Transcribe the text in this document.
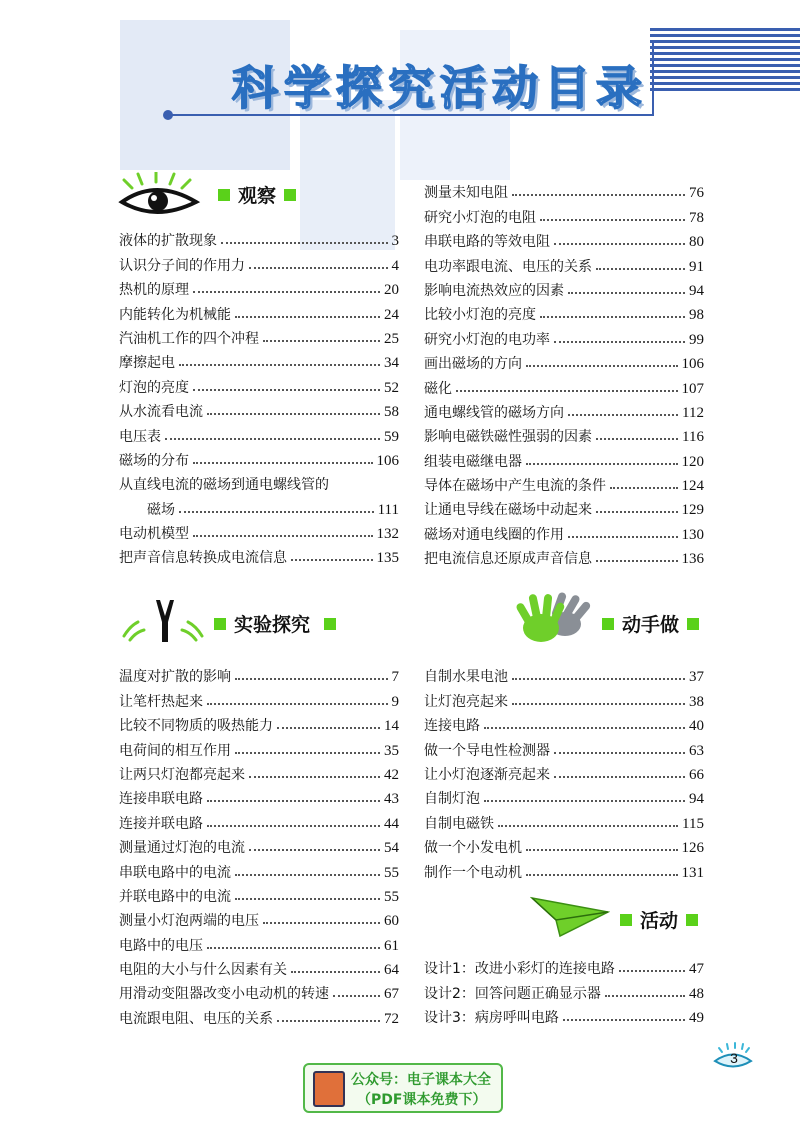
科学探究活动目录
观察
液体的扩散现象	3
认识分子间的作用力	4
热机的原理	20
内能转化为机械能	24
汽油机工作的四个冲程	25
摩擦起电	34
灯泡的亮度	52
从水流看电流	58
电压表	59
磁场的分布	106
从直线电流的磁场到通电螺线管的
磁场	111
电动机模型	132
把声音信息转换成电流信息	135
测量未知电阻	76
研究小灯泡的电阻	78
串联电路的等效电阻	80
电功率跟电流、电压的关系	91
影响电流热效应的因素	94
比较小灯泡的亮度	98
研究小灯泡的电功率	99
画出磁场的方向	106
磁化	107
通电螺线管的磁场方向	112
影响电磁铁磁性强弱的因素	116
组装电磁继电器	120
导体在磁场中产生电流的条件	124
让通电导线在磁场中动起来	129
磁场对通电线圈的作用	130
把电流信息还原成声音信息	136
实验探究
温度对扩散的影响	7
让笔杆热起来	9
比较不同物质的吸热能力	14
电荷间的相互作用	35
让两只灯泡都亮起来	42
连接串联电路	43
连接并联电路	44
测量通过灯泡的电流	54
串联电路中的电流	55
并联电路中的电流	55
测量小灯泡两端的电压	60
电路中的电压	61
电阻的大小与什么因素有关	64
用滑动变阻器改变小电动机的转速	67
电流跟电阻、电压的关系	72
动手做
自制水果电池	37
让灯泡亮起来	38
连接电路	40
做一个导电性检测器	63
让小灯泡逐渐亮起来	66
自制灯泡	94
自制电磁铁	115
做一个小发电机	126
制作一个电动机	131
活动
设计1：改进小彩灯的连接电路	47
设计2：回答问题正确显示器	48
设计3：病房呼叫电路	49
3
公众号：电子课本大全
（PDF课本免费下）
